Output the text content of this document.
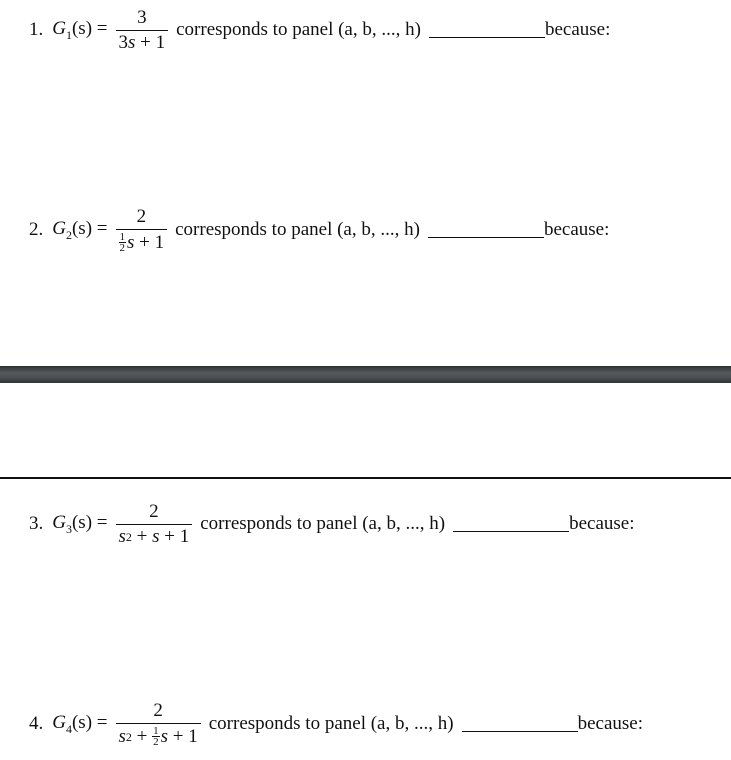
1. $G_1(s) = \frac{3}{3 s + 1}$ corresponds to panel (a, b, ..., h)	because:
2. $G_2(s) = 2$
1
2 s + 1 corresponds to panel (a, b, ..., h)	because:
3. $G_3(s) = \frac{2}{s 2 + s + 1}$ corresponds to panel (a, b, ..., h)	because:
4. $G_4(s) = \frac{2}{s 2 + \frac{1}{2} s + 1}$ corresponds to panel (a, b, ..., h)	because:
